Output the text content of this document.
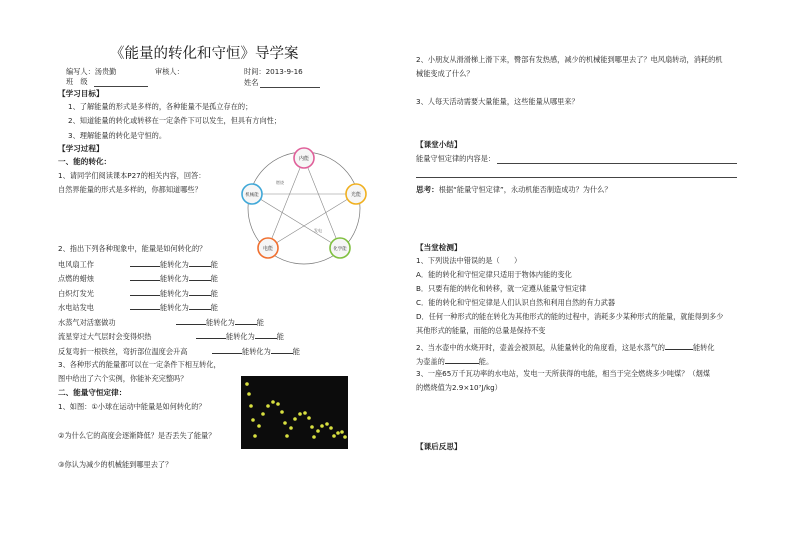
《能量的转化和守恒》导学案
编写人：汤贵勤	审核人：	时间：2013-9-16
班　级	姓名
【学习目标】
1、了解能量的形式是多样的，各种能量不是孤立存在的；
2、知道能量的转化或转移在一定条件下可以发生，但具有方向性；
3、理解能量的转化是守恒的。
【学习过程】
一、能的转化：
1、请同学们阅读课本P27的相关内容，回答：
自然界能量的形式是多样的，你都知道哪些？
2、指出下列各种现象中，能量是如何转化的？
电风扇工作	能转化为	能
点燃的蜡烛	能转化为	能
白炽灯发光	能转化为	能
水电站发电	能转化为	能
水蒸气对活塞做功	能转化为	能
流星穿过大气层时会变得炽热	能转化为	能
反复弯折一根铁丝，弯折部位温度会升高	能转化为	能
3、各种形式的能量都可以在一定条件下相互转化，
图中给出了六个实例，你能补充完整吗？
二、能量守恒定律：
1、如图：①小球在运动中能量是如何转化的？
②为什么它的高度会逐渐降低？是否丢失了能量？
③你认为减少的机械能到哪里去了？
燃烧
发电
内能
光能
化学能
电能
机械能
2、小朋友从滑滑梯上滑下来，臀部有发热感，减少的机械能到哪里去了？电风扇转动，消耗的机
械能变成了什么？
3、人每天活动需要大量能量，这些能量从哪里来？
【课堂小结】
能量守恒定律的内容是：
思考：根据“能量守恒定律”，永动机能否制造成功？为什么？
【当堂检测】
1、下列说法中错误的是（　　）
A．能的转化和守恒定律只适用于物体内能的变化
B．只要有能的转化和转移，就一定遵从能量守恒定律
C．能的转化和守恒定律是人们认识自然和利用自然的有力武器
D．任何一种形式的能在转化为其他形式的能的过程中，消耗多少某种形式的能量，就能得到多少
其他形式的能量，而能的总量是保持不变
2、当水壶中的水烧开时，壶盖会被顶起，从能量转化的角度看，这是水蒸气的	能转化
为壶盖的	能。
3、一座65万千瓦功率的水电站，发电一天所获得的电能，相当于完全燃烧多少吨煤？（烟煤
的燃烧值为2.9×10⁷J/kg）
【课后反思】
